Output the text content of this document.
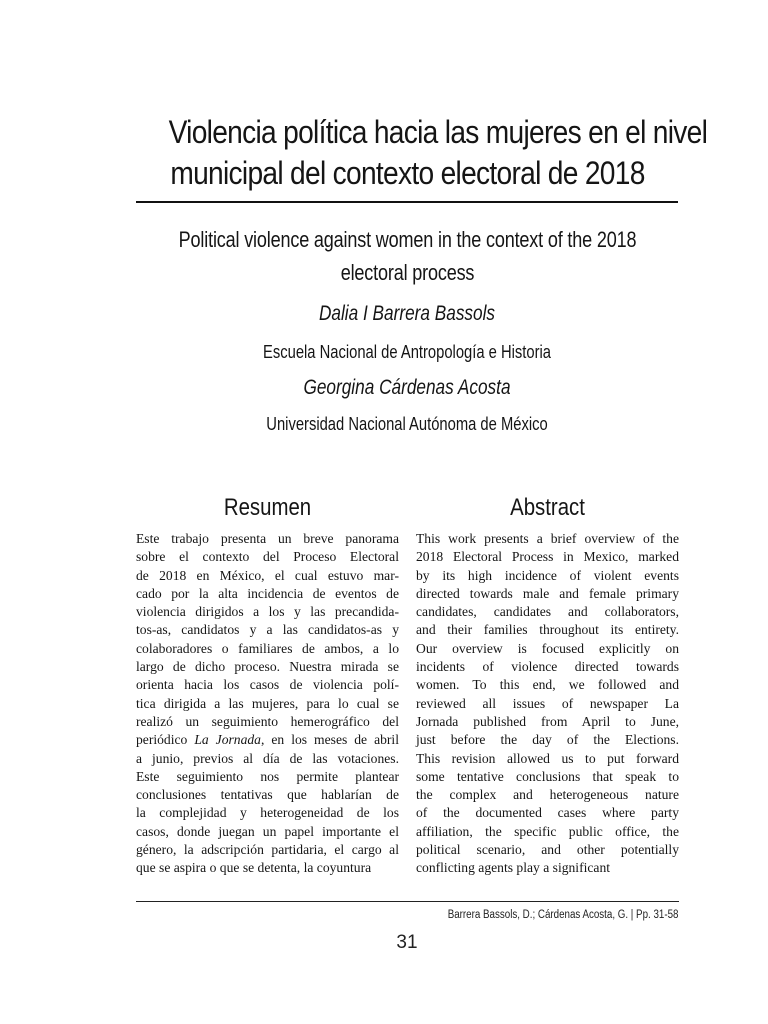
Violencia política hacia las mujeres en el nivel
municipal del contexto electoral de 2018
Political violence against women in the context of the 2018
electoral process
Dalia I Barrera Bassols
Escuela Nacional de Antropología e Historia
Georgina Cárdenas Acosta
Universidad Nacional Autónoma de México
Resumen	Abstract
Este trabajo presenta un breve panorama
sobre el contexto del Proceso Electoral
de 2018 en México, el cual estuvo mar-
cado por la alta incidencia de eventos de
violencia dirigidos a los y las precandida-
tos-as, candidatos y a las candidatos-as y
colaboradores o familiares de ambos, a lo
largo de dicho proceso. Nuestra mirada se
orienta hacia los casos de violencia polí-
tica dirigida a las mujeres, para lo cual se
realizó un seguimiento hemerográfico del
periódico La Jornada, en los meses de abril
a junio, previos al día de las votaciones.
Este seguimiento nos permite plantear
conclusiones tentativas que hablarían de
la complejidad y heterogeneidad de los
casos, donde juegan un papel importante el
género, la adscripción partidaria, el cargo al
que se aspira o que se detenta, la coyuntura
This work presents a brief overview of the
2018 Electoral Process in Mexico, marked
by its high incidence of violent events
directed towards male and female primary
candidates, candidates and collaborators,
and their families throughout its entirety.
Our overview is focused explicitly on
incidents of violence directed towards
women. To this end, we followed and
reviewed all issues of newspaper La
Jornada published from April to June,
just before the day of the Elections.
This revision allowed us to put forward
some tentative conclusions that speak to
the complex and heterogeneous nature
of the documented cases where party
affiliation, the specific public office, the
political scenario, and other potentially
conflicting agents play a significant
Barrera Bassols, D.; Cárdenas Acosta, G. | Pp. 31-58
31
